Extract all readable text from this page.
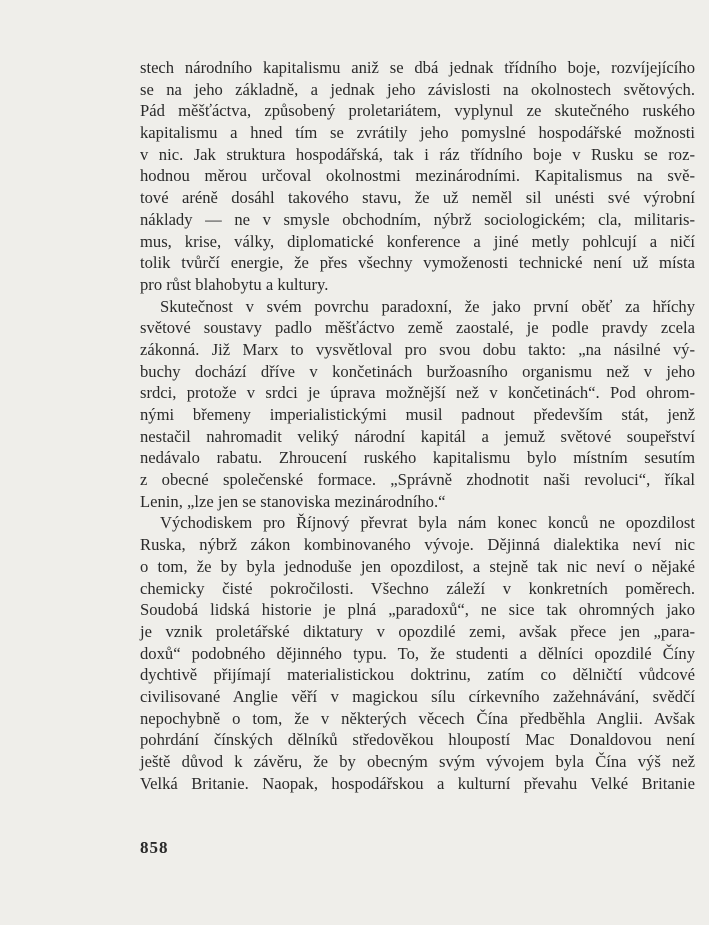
stech národního kapitalismu aniž se dbá jednak třídního boje, rozvíjejícího
se na jeho základně, a jednak jeho závislosti na okolnostech světových.
Pád měšťáctva, způsobený proletariátem, vyplynul ze skutečného ruského
kapitalismu a hned tím se zvrátily jeho pomyslné hospodářské možnosti
v nic. Jak struktura hospodářská, tak i ráz třídního boje v Rusku se roz-
hodnou měrou určoval okolnostmi mezinárodními. Kapitalismus na svě-
tové aréně dosáhl takového stavu, že už neměl sil unésti své výrobní
náklady — ne v smysle obchodním, nýbrž sociologickém; cla, militaris-
mus, krise, války, diplomatické konference a jiné metly pohlcují a ničí
tolik tvůrčí energie, že přes všechny vymoženosti technické není už místa
pro růst blahobytu a kultury.
Skutečnost v svém povrchu paradoxní, že jako první oběť za hříchy
světové soustavy padlo měšťáctvo země zaostalé, je podle pravdy zcela
zákonná. Již Marx to vysvětloval pro svou dobu takto: „na násilné vý-
buchy dochází dříve v končetinách buržoasního organismu než v jeho
srdci, protože v srdci je úprava možnější než v končetinách“. Pod ohrom-
nými břemeny imperialistickými musil padnout především stát, jenž
nestačil nahromadit veliký národní kapitál a jemuž světové soupeřství
nedávalo rabatu. Zhroucení ruského kapitalismu bylo místním sesutím
z obecné společenské formace. „Správně zhodnotit naši revoluci“, říkal
Lenin, „lze jen se stanoviska mezinárodního.“
Východiskem pro Říjnový převrat byla nám konec konců ne opozdilost
Ruska, nýbrž zákon kombinovaného vývoje. Dějinná dialektika neví nic
o tom, že by byla jednoduše jen opozdilost, a stejně tak nic neví o nějaké
chemicky čisté pokročilosti. Všechno záleží v konkretních poměrech.
Soudobá lidská historie je plná „paradoxů“, ne sice tak ohromných jako
je vznik proletářské diktatury v opozdilé zemi, avšak přece jen „para-
doxů“ podobného dějinného typu. To, že studenti a dělníci opozdilé Číny
dychtivě přijímají materialistickou doktrinu, zatím co dělničtí vůdcové
civilisované Anglie věří v magickou sílu církevního zažehnávání, svědčí
nepochybně o tom, že v některých věcech Čína předběhla Anglii. Avšak
pohrdání čínských dělníků středověkou hloupostí Mac Donaldovou není
ještě důvod k závěru, že by obecným svým vývojem byla Čína výš než
Velká Britanie. Naopak, hospodářskou a kulturní převahu Velké Britanie
858
